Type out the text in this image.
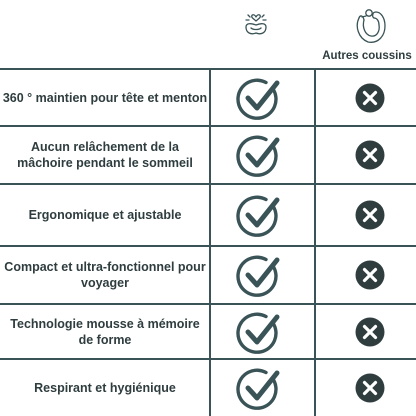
Autres coussins
360 ° maintien pour tête et menton
Aucun relâchement de la mâchoire pendant le sommeil
Ergonomique et ajustable
Compact et ultra-fonctionnel pour voyager
Technologie mousse à mémoire de forme
Respirant et hygiénique
